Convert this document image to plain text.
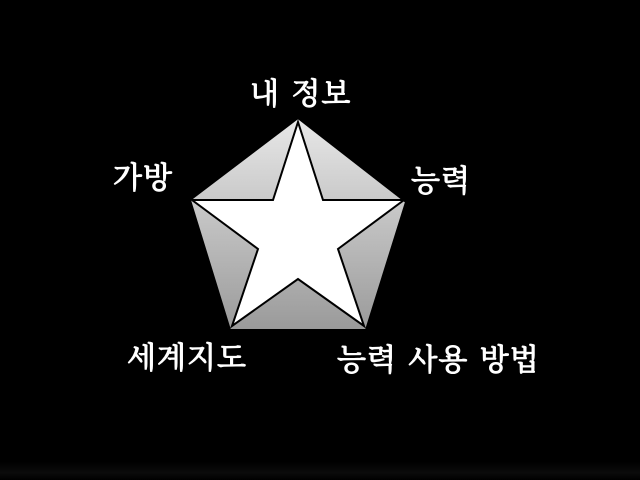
내 정보
능력
능력 사용 방법
세계지도
가방
